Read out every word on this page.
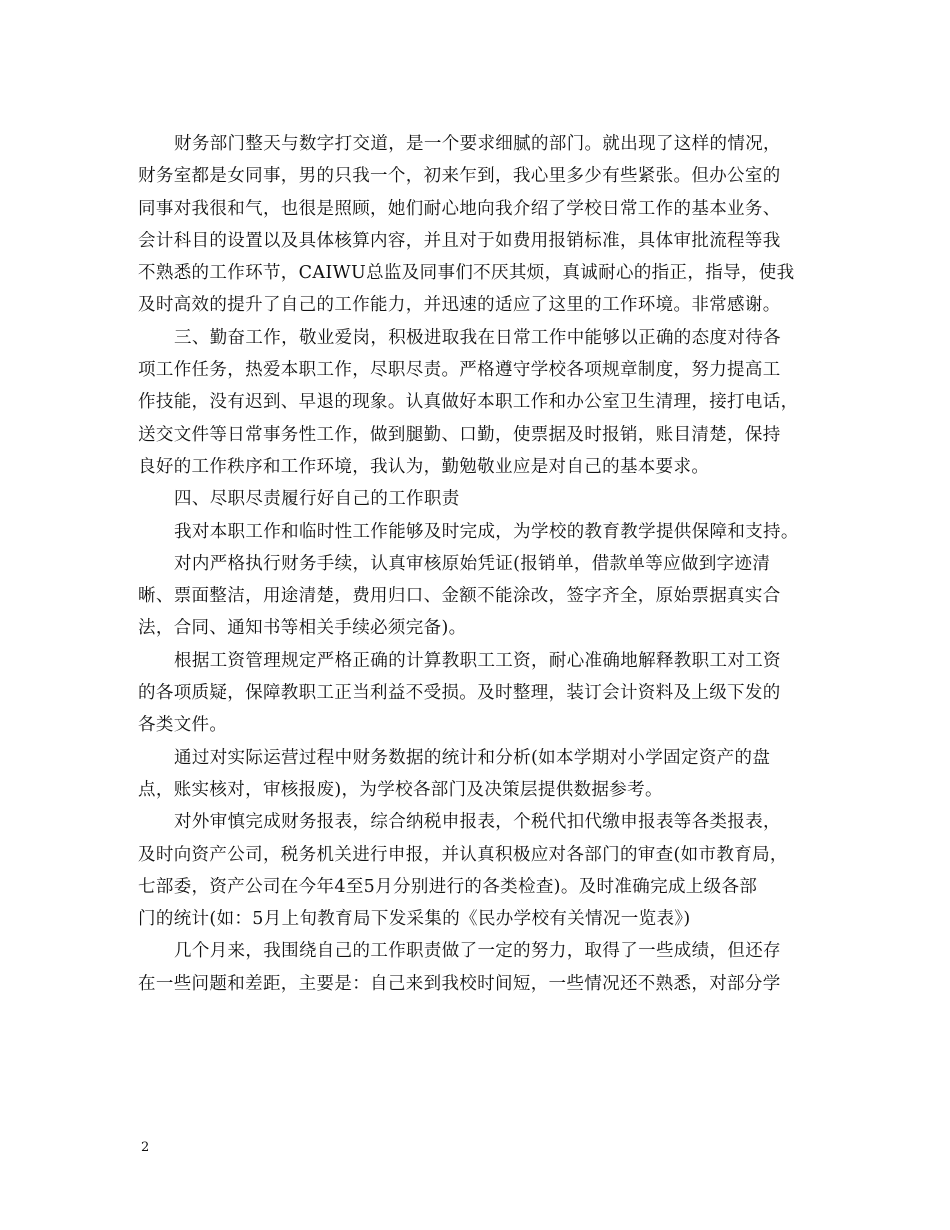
财务部门整天与数字打交道，是一个要求细腻的部门。就出现了这样的情况，
财务室都是女同事，男的只我一个，初来乍到，我心里多少有些紧张。但办公室的
同事对我很和气，也很是照顾，她们耐心地向我介绍了学校日常工作的基本业务、
会计科目的设置以及具体核算内容，并且对于如费用报销标准，具体审批流程等我
不熟悉的工作环节，CAIWU总监及同事们不厌其烦，真诚耐心的指正，指导，使我
及时高效的提升了自己的工作能力，并迅速的适应了这里的工作环境。非常感谢。
三、勤奋工作，敬业爱岗，积极进取我在日常工作中能够以正确的态度对待各
项工作任务，热爱本职工作，尽职尽责。严格遵守学校各项规章制度，努力提高工
作技能，没有迟到、早退的现象。认真做好本职工作和办公室卫生清理，接打电话，
送交文件等日常事务性工作，做到腿勤、口勤，使票据及时报销，账目清楚，保持
良好的工作秩序和工作环境，我认为，勤勉敬业应是对自己的基本要求。
四、尽职尽责履行好自己的工作职责
我对本职工作和临时性工作能够及时完成，为学校的教育教学提供保障和支持。
对内严格执行财务手续，认真审核原始凭证(报销单，借款单等应做到字迹清
晰、票面整洁，用途清楚，费用归口、金额不能涂改，签字齐全，原始票据真实合
法，合同、通知书等相关手续必须完备)。
根据工资管理规定严格正确的计算教职工工资，耐心准确地解释教职工对工资
的各项质疑，保障教职工正当利益不受损。及时整理，装订会计资料及上级下发的
各类文件。
通过对实际运营过程中财务数据的统计和分析(如本学期对小学固定资产的盘
点，账实核对，审核报废)，为学校各部门及决策层提供数据参考。
对外审慎完成财务报表，综合纳税申报表，个税代扣代缴申报表等各类报表，
及时向资产公司，税务机关进行申报，并认真积极应对各部门的审查(如市教育局，
七部委，资产公司在今年4至5月分别进行的各类检查)。及时准确完成上级各部
门的统计(如：5月上旬教育局下发采集的《民办学校有关情况一览表》)
几个月来，我围绕自己的工作职责做了一定的努力，取得了一些成绩，但还存
在一些问题和差距，主要是：自己来到我校时间短，一些情况还不熟悉，对部分学
2
